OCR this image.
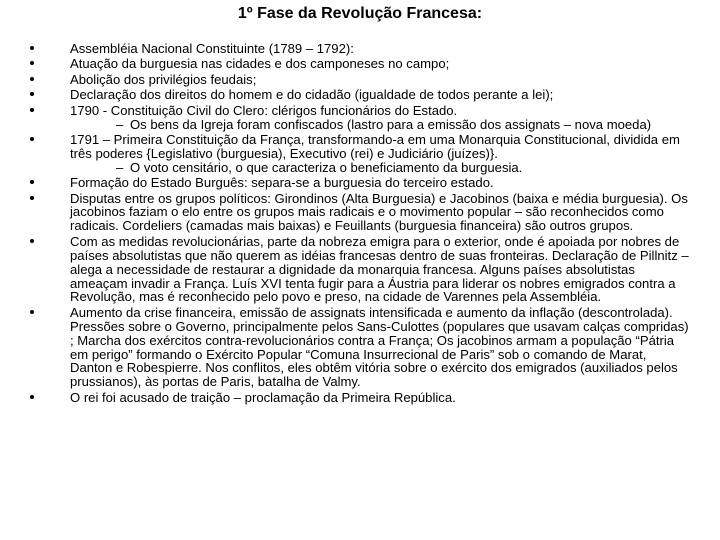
1º Fase da Revolução Francesa:
Assembléia Nacional Constituinte (1789 – 1792):
Atuação da burguesia nas cidades e dos camponeses no campo;
Abolição dos privilégios feudais;
Declaração dos direitos do homem e do cidadão (igualdade de todos perante a lei);
1790 - Constituição Civil do Clero: clérigos funcionários do Estado.
– Os bens da Igreja foram confiscados (lastro para a emissão dos assignats – nova moeda)
1791 – Primeira Constituição da França, transformando-a em uma Monarquia Constitucional, dividida em três poderes {Legislativo (burguesia), Executivo (rei) e Judiciário (juízes)}.
– O voto censitário, o que caracteriza o beneficiamento da burguesia.
Formação do Estado Burguês: separa-se a burguesia do terceiro estado.
Disputas entre os grupos políticos: Girondinos (Alta Burguesia) e Jacobinos (baixa e média burguesia). Os jacobinos faziam o elo entre os grupos mais radicais e o movimento popular – são reconhecidos como radicais. Cordeliers (camadas mais baixas) e Feuillants (burguesia financeira) são outros grupos.
Com as medidas revolucionárias, parte da nobreza emigra para o exterior, onde é apoiada por nobres de países absolutistas que não querem as idéias francesas dentro de suas fronteiras. Declaração de Pillnitz – alega a necessidade de restaurar a dignidade da monarquia francesa. Alguns países absolutistas ameaçam invadir a França. Luís XVI tenta fugir para a Áustria para liderar os nobres emigrados contra a Revolução, mas é reconhecido pelo povo e preso, na cidade de Varennes pela Assembléia.
Aumento da crise financeira, emissão de assignats intensificada e aumento da inflação (descontrolada). Pressões sobre o Governo, principalmente pelos Sans-Culottes (populares que usavam calças compridas) ; Marcha dos exércitos contra-revolucionários contra a França; Os jacobinos armam a população “Pátria em perigo” formando o Exército Popular “Comuna Insurrecional de Paris” sob o comando de Marat, Danton e Robespierre. Nos conflitos, eles obtêm vitória sobre o exército dos emigrados (auxiliados pelos prussianos), às portas de Paris, batalha de Valmy.
O rei foi acusado de traição – proclamação da Primeira República.
